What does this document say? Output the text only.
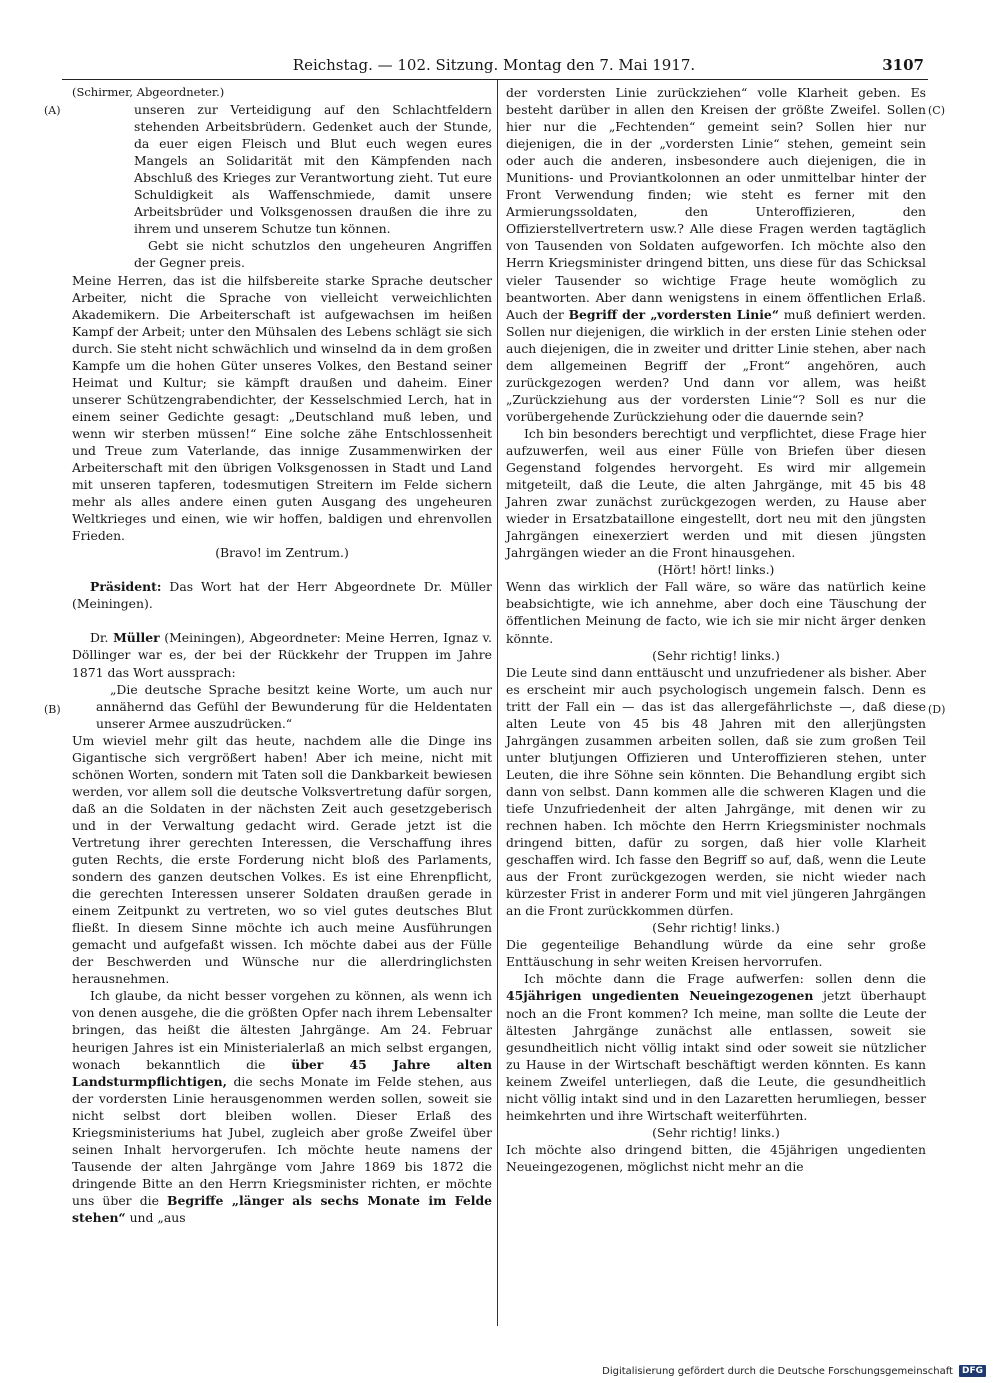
Reichstag. — 102. Sitzung. Montag den 7. Mai 1917.	3107
(A)
(B)
(C)
(D)

(Schirmer, Abgeordneter.)

unseren zur Verteidigung auf den Schlachtfeldern stehenden Arbeitsbrüdern. Gedenket auch der Stunde, da euer eigen Fleisch und Blut euch wegen eures Mangels an Solidarität mit den Kämpfenden nach Abschluß des Krieges zur Verantwortung zieht. Tut eure Schuldigkeit als Waffenschmiede, damit unsere Arbeitsbrüder und Volksgenossen draußen die ihre zu ihrem und unserem Schutze tun können.

Gebt sie nicht schutzlos den ungeheuren Angriffen der Gegner preis.

Meine Herren, das ist die hilfsbereite starke Sprache deutscher Arbeiter, nicht die Sprache von vielleicht verweichlichten Akademikern. Die Arbeiterschaft ist aufgewachsen im heißen Kampf der Arbeit; unter den Mühsalen des Lebens schlägt sie sich durch. Sie steht nicht schwächlich und winselnd da in dem großen Kampfe um die hohen Güter unseres Volkes, den Bestand seiner Heimat und Kultur; sie kämpft draußen und daheim. Einer unserer Schützengrabendichter, der Kesselschmied Lerch, hat in einem seiner Gedichte gesagt: „Deutschland muß leben, und wenn wir sterben müssen!“ Eine solche zähe Entschlossenheit und Treue zum Vaterlande, das innige Zusammenwirken der Arbeiterschaft mit den übrigen Volksgenossen in Stadt und Land mit unseren tapferen, todesmutigen Streitern im Felde sichern mehr als alles andere einen guten Ausgang des ungeheuren Weltkrieges und einen, wie wir hoffen, baldigen und ehrenvollen Frieden.

(Bravo! im Zentrum.)

Präsident: Das Wort hat der Herr Abgeordnete Dr. Müller (Meiningen).

Dr. Müller (Meiningen), Abgeordneter: Meine Herren, Ignaz v. Döllinger war es, der bei der Rückkehr der Truppen im Jahre 1871 das Wort aussprach:

„Die deutsche Sprache besitzt keine Worte, um auch nur annähernd das Gefühl der Bewunderung für die Heldentaten unserer Armee auszudrücken.“

Um wieviel mehr gilt das heute, nachdem alle die Dinge ins Gigantische sich vergrößert haben! Aber ich meine, nicht mit schönen Worten, sondern mit Taten soll die Dankbarkeit bewiesen werden, vor allem soll die deutsche Volksvertretung dafür sorgen, daß an die Soldaten in der nächsten Zeit auch gesetzgeberisch und in der Verwaltung gedacht wird. Gerade jetzt ist die Vertretung ihrer gerechten Interessen, die Verschaffung ihres guten Rechts, die erste Forderung nicht bloß des Parlaments, sondern des ganzen deutschen Volkes. Es ist eine Ehrenpflicht, die gerechten Interessen unserer Soldaten draußen gerade in einem Zeitpunkt zu vertreten, wo so viel gutes deutsches Blut fließt. In diesem Sinne möchte ich auch meine Ausführungen gemacht und aufgefaßt wissen. Ich möchte dabei aus der Fülle der Beschwerden und Wünsche nur die allerdringlichsten herausnehmen.

Ich glaube, da nicht besser vorgehen zu können, als wenn ich von denen ausgehe, die die größten Opfer nach ihrem Lebensalter bringen, das heißt die ältesten Jahrgänge. Am 24. Februar heurigen Jahres ist ein Ministerialerlaß an mich selbst ergangen, wonach bekanntlich die über 45 Jahre alten Landsturmpflichtigen, die sechs Monate im Felde stehen, aus der vordersten Linie herausgenommen werden sollen, soweit sie nicht selbst dort bleiben wollen. Dieser Erlaß des Kriegsministeriums hat Jubel, zugleich aber große Zweifel über seinen Inhalt hervorgerufen. Ich möchte heute namens der Tausende der alten Jahrgänge vom Jahre 1869 bis 1872 die dringende Bitte an den Herrn Kriegsminister richten, er möchte uns über die Begriffe „länger als sechs Monate im Felde stehen“ und „aus

der vordersten Linie zurückziehen“ volle Klarheit geben. Es besteht darüber in allen den Kreisen der größte Zweifel. Sollen hier nur die „Fechtenden“ gemeint sein? Sollen hier nur diejenigen, die in der „vordersten Linie“ stehen, gemeint sein oder auch die anderen, insbesondere auch diejenigen, die in Munitions- und Proviantkolonnen an oder unmittelbar hinter der Front Verwendung finden; wie steht es ferner mit den Armierungssoldaten, den Unteroffizieren, den Offizierstellvertretern usw.? Alle diese Fragen werden tagtäglich von Tausenden von Soldaten aufgeworfen. Ich möchte also den Herrn Kriegsminister dringend bitten, uns diese für das Schicksal vieler Tausender so wichtige Frage heute womöglich zu beantworten. Aber dann wenigstens in einem öffentlichen Erlaß. Auch der Begriff der „vordersten Linie“ muß definiert werden. Sollen nur diejenigen, die wirklich in der ersten Linie stehen oder auch diejenigen, die in zweiter und dritter Linie stehen, aber nach dem allgemeinen Begriff der „Front“ angehören, auch zurückgezogen werden? Und dann vor allem, was heißt „Zurückziehung aus der vordersten Linie“? Soll es nur die vorübergehende Zurückziehung oder die dauernde sein?

Ich bin besonders berechtigt und verpflichtet, diese Frage hier aufzuwerfen, weil aus einer Fülle von Briefen über diesen Gegenstand folgendes hervorgeht. Es wird mir allgemein mitgeteilt, daß die Leute, die alten Jahrgänge, mit 45 bis 48 Jahren zwar zunächst zurückgezogen werden, zu Hause aber wieder in Ersatzbataillone eingestellt, dort neu mit den jüngsten Jahrgängen einexerziert werden und mit diesen jüngsten Jahrgängen wieder an die Front hinausgehen.

(Hört! hört! links.)

Wenn das wirklich der Fall wäre, so wäre das natürlich keine beabsichtigte, wie ich annehme, aber doch eine Täuschung der öffentlichen Meinung de facto, wie ich sie mir nicht ärger denken könnte.

(Sehr richtig! links.)

Die Leute sind dann enttäuscht und unzufriedener als bisher. Aber es erscheint mir auch psychologisch ungemein falsch. Denn es tritt der Fall ein — das ist das allergefährlichste —, daß diese alten Leute von 45 bis 48 Jahren mit den allerjüngsten Jahrgängen zusammen arbeiten sollen, daß sie zum großen Teil unter blutjungen Offizieren und Unteroffizieren stehen, unter Leuten, die ihre Söhne sein könnten. Die Behandlung ergibt sich dann von selbst. Dann kommen alle die schweren Klagen und die tiefe Unzufriedenheit der alten Jahrgänge, mit denen wir zu rechnen haben. Ich möchte den Herrn Kriegsminister nochmals dringend bitten, dafür zu sorgen, daß hier volle Klarheit geschaffen wird. Ich fasse den Begriff so auf, daß, wenn die Leute aus der Front zurückgezogen werden, sie nicht wieder nach kürzester Frist in anderer Form und mit viel jüngeren Jahrgängen an die Front zurückkommen dürfen.

(Sehr richtig! links.)

Die gegenteilige Behandlung würde da eine sehr große Enttäuschung in sehr weiten Kreisen hervorrufen.

Ich möchte dann die Frage aufwerfen: sollen denn die 45jährigen ungedienten Neueingezogenen jetzt überhaupt noch an die Front kommen? Ich meine, man sollte die Leute der ältesten Jahrgänge zunächst alle entlassen, soweit sie gesundheitlich nicht völlig intakt sind oder soweit sie nützlicher zu Hause in der Wirtschaft beschäftigt werden könnten. Es kann keinem Zweifel unterliegen, daß die Leute, die gesundheitlich nicht völlig intakt sind und in den Lazaretten herumliegen, besser heimkehrten und ihre Wirtschaft weiterführten.

(Sehr richtig! links.)

Ich möchte also dringend bitten, die 45jährigen ungedienten Neueingezogenen, möglichst nicht mehr an die

Digitalisierung gefördert durch die Deutsche Forschungsgemeinschaft	DFG
